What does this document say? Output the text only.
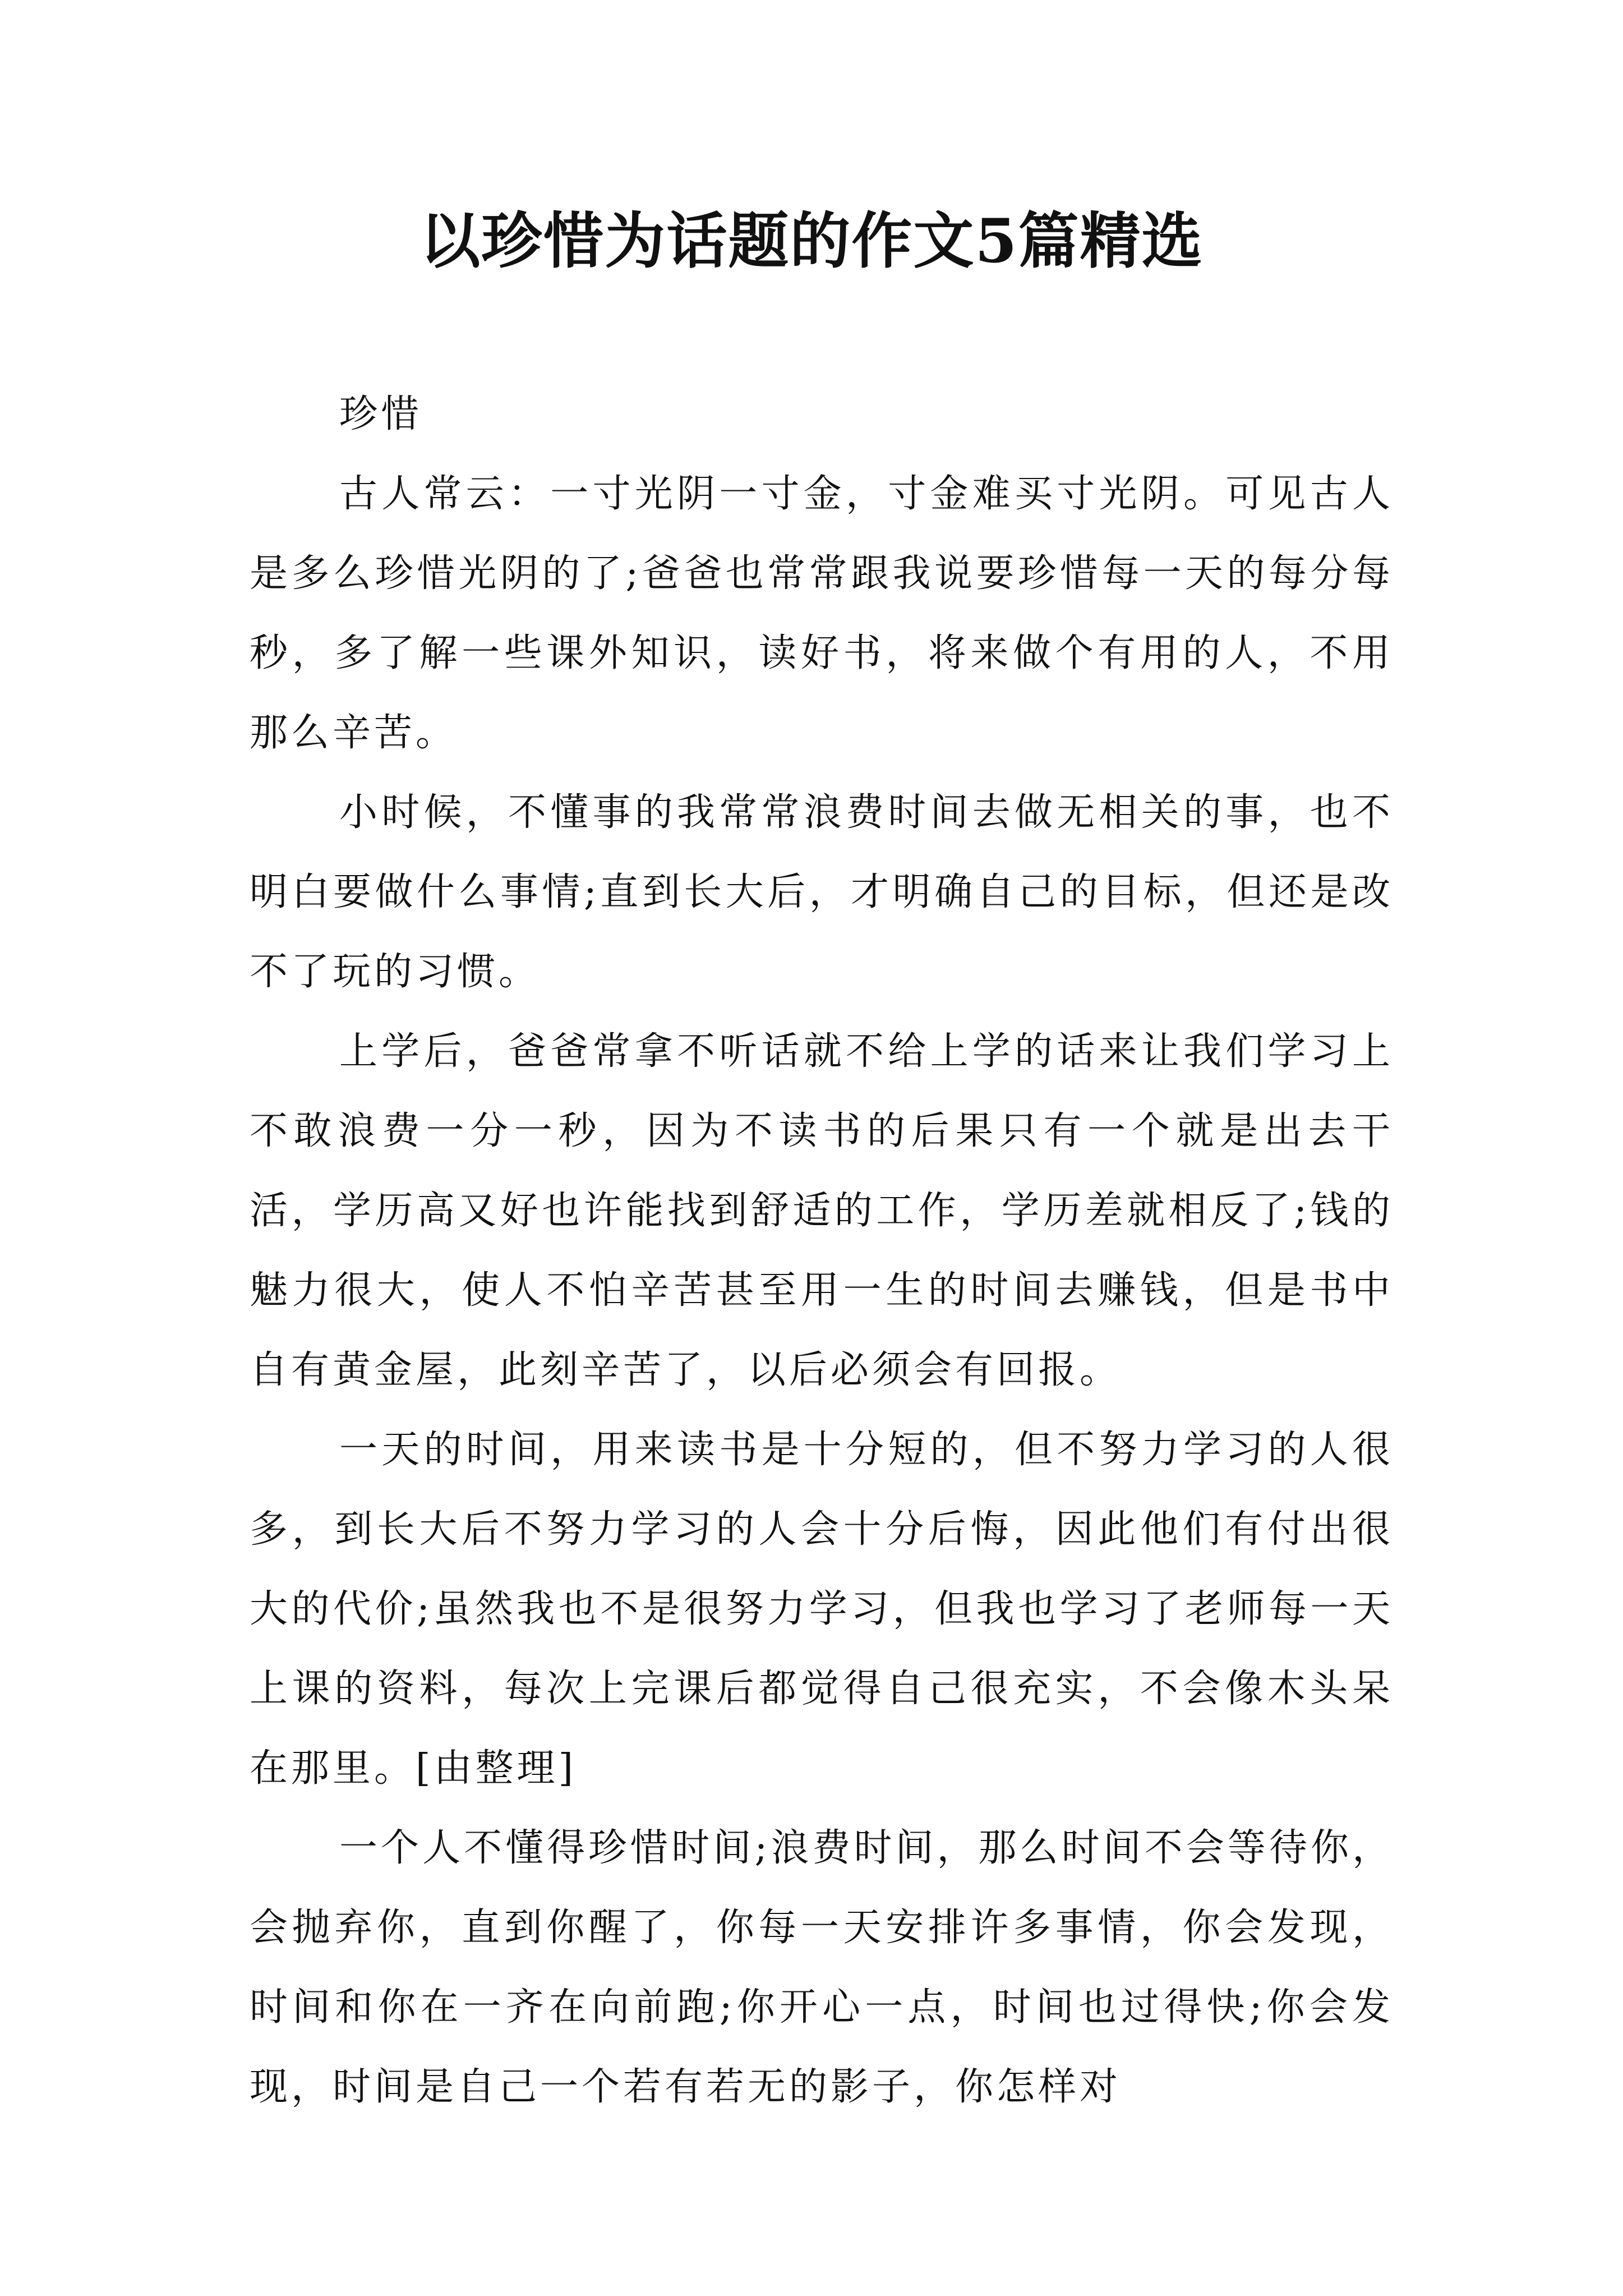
以珍惜为话题的作文5篇精选

珍惜

古人常云：一寸光阴一寸金，寸金难买寸光阴。可见古人是多么珍惜光阴的了;爸爸也常常跟我说要珍惜每一天的每分每秒，多了解一些课外知识，读好书，将来做个有用的人，不用那么辛苦。

小时候，不懂事的我常常浪费时间去做无相关的事，也不明白要做什么事情;直到长大后，才明确自己的目标，但还是改不了玩的习惯。

上学后，爸爸常拿不听话就不给上学的话来让我们学习上不敢浪费一分一秒，因为不读书的后果只有一个就是出去干活，学历高又好也许能找到舒适的工作，学历差就相反了;钱的魅力很大，使人不怕辛苦甚至用一生的时间去赚钱，但是书中自有黄金屋，此刻辛苦了，以后必须会有回报。

一天的时间，用来读书是十分短的，但不努力学习的人很多，到长大后不努力学习的人会十分后悔，因此他们有付出很大的代价;虽然我也不是很努力学习，但我也学习了老师每一天上课的资料，每次上完课后都觉得自己很充实，不会像木头呆在那里。[由整理]

一个人不懂得珍惜时间;浪费时间，那么时间不会等待你，会抛弃你，直到你醒了，你每一天安排许多事情，你会发现，时间和你在一齐在向前跑;你开心一点，时间也过得快;你会发现，时间是自己一个若有若无的影子，你怎样对
